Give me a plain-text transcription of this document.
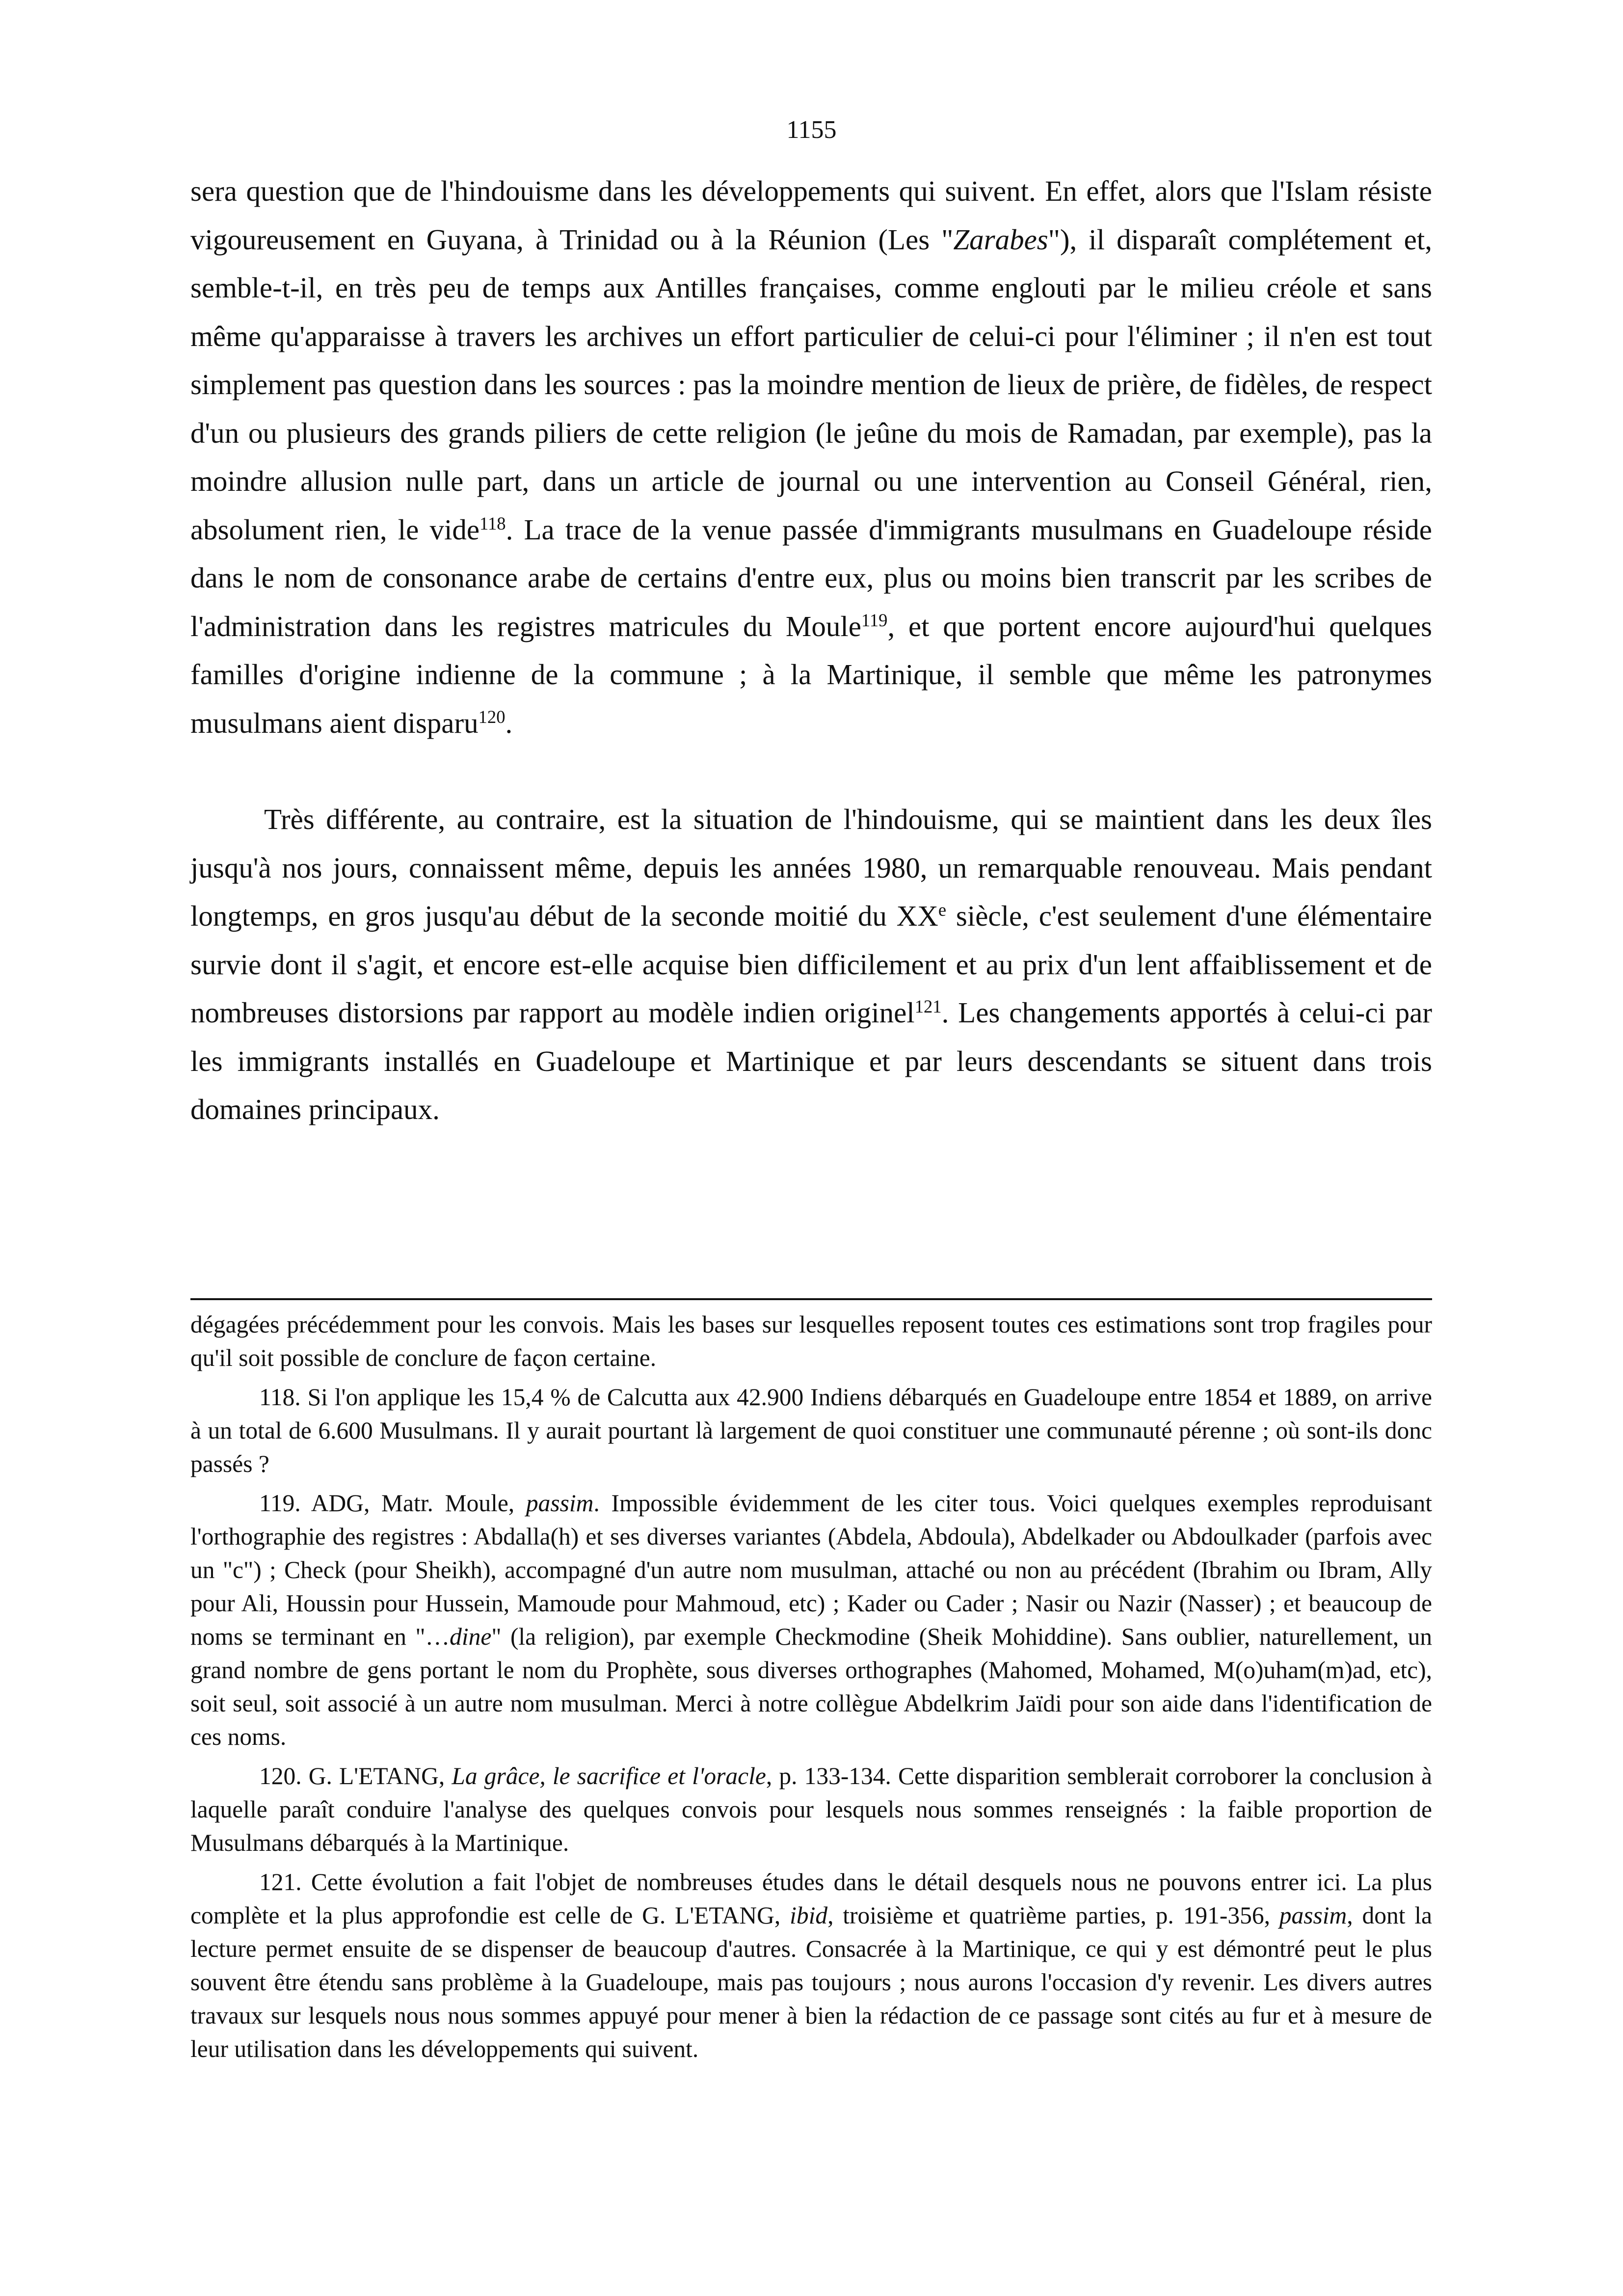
1155

sera question que de l'hindouisme dans les développements qui suivent. En effet, alors que l'Islam résiste vigoureusement en Guyana, à Trinidad ou à la Réunion (Les "Zarabes"), il disparaît complétement et, semble-t-il, en très peu de temps aux Antilles françaises, comme englouti par le milieu créole et sans même qu'apparaisse à travers les archives un effort particulier de celui-ci pour l'éliminer ; il n'en est tout simplement pas question dans les sources : pas la moindre mention de lieux de prière, de fidèles, de respect d'un ou plusieurs des grands piliers de cette religion (le jeûne du mois de Ramadan, par exemple), pas la moindre allusion nulle part, dans un article de journal ou une intervention au Conseil Général, rien, absolument rien, le vide$^{118}$. La trace de la venue passée d'immigrants musulmans en Guadeloupe réside dans le nom de consonance arabe de certains d'entre eux, plus ou moins bien transcrit par les scribes de l'administration dans les registres matricules du Moule$^{119}$, et que portent encore aujourd'hui quelques familles d'origine indienne de la commune ; à la Martinique, il semble que même les patronymes musulmans aient disparu$^{120}$.

Très différente, au contraire, est la situation de l'hindouisme, qui se maintient dans les deux îles jusqu'à nos jours, connaissent même, depuis les années 1980, un remarquable renouveau. Mais pendant longtemps, en gros jusqu'au début de la seconde moitié du XXe siècle, c'est seulement d'une élémentaire survie dont il s'agit, et encore est-elle acquise bien difficilement et au prix d'un lent affaiblissement et de nombreuses distorsions par rapport au modèle indien originel$^{121}$. Les changements apportés à celui-ci par les immigrants installés en Guadeloupe et Martinique et par leurs descendants se situent dans trois domaines principaux.

dégagées précédemment pour les convois. Mais les bases sur lesquelles reposent toutes ces estimations sont trop fragiles pour qu'il soit possible de conclure de façon certaine.

118. Si l'on applique les 15,4 % de Calcutta aux 42.900 Indiens débarqués en Guadeloupe entre 1854 et 1889, on arrive à un total de 6.600 Musulmans. Il y aurait pourtant là largement de quoi constituer une communauté pérenne ; où sont-ils donc passés ?

119. ADG, Matr. Moule, passim. Impossible évidemment de les citer tous. Voici quelques exemples reproduisant l'orthographie des registres : Abdalla(h) et ses diverses variantes (Abdela, Abdoula), Abdelkader ou Abdoulkader (parfois avec un "c") ; Check (pour Sheikh), accompagné d'un autre nom musulman, attaché ou non au précédent (Ibrahim ou Ibram, Ally pour Ali, Houssin pour Hussein, Mamoude pour Mahmoud, etc) ; Kader ou Cader ; Nasir ou Nazir (Nasser) ; et beaucoup de noms se terminant en "…dine" (la religion), par exemple Checkmodine (Sheik Mohiddine). Sans oublier, naturellement, un grand nombre de gens portant le nom du Prophète, sous diverses orthographes (Mahomed, Mohamed, M(o)uham(m)ad, etc), soit seul, soit associé à un autre nom musulman. Merci à notre collègue Abdelkrim Jaïdi pour son aide dans l'identification de ces noms.

120. G. L'ETANG, La grâce, le sacrifice et l'oracle, p. 133-134. Cette disparition semblerait corroborer la conclusion à laquelle paraît conduire l'analyse des quelques convois pour lesquels nous sommes renseignés : la faible proportion de Musulmans débarqués à la Martinique.

121. Cette évolution a fait l'objet de nombreuses études dans le détail desquels nous ne pouvons entrer ici. La plus complète et la plus approfondie est celle de G. L'ETANG, ibid, troisième et quatrième parties, p. 191-356, passim, dont la lecture permet ensuite de se dispenser de beaucoup d'autres. Consacrée à la Martinique, ce qui y est démontré peut le plus souvent être étendu sans problème à la Guadeloupe, mais pas toujours ; nous aurons l'occasion d'y revenir. Les divers autres travaux sur lesquels nous nous sommes appuyé pour mener à bien la rédaction de ce passage sont cités au fur et à mesure de leur utilisation dans les développements qui suivent.
